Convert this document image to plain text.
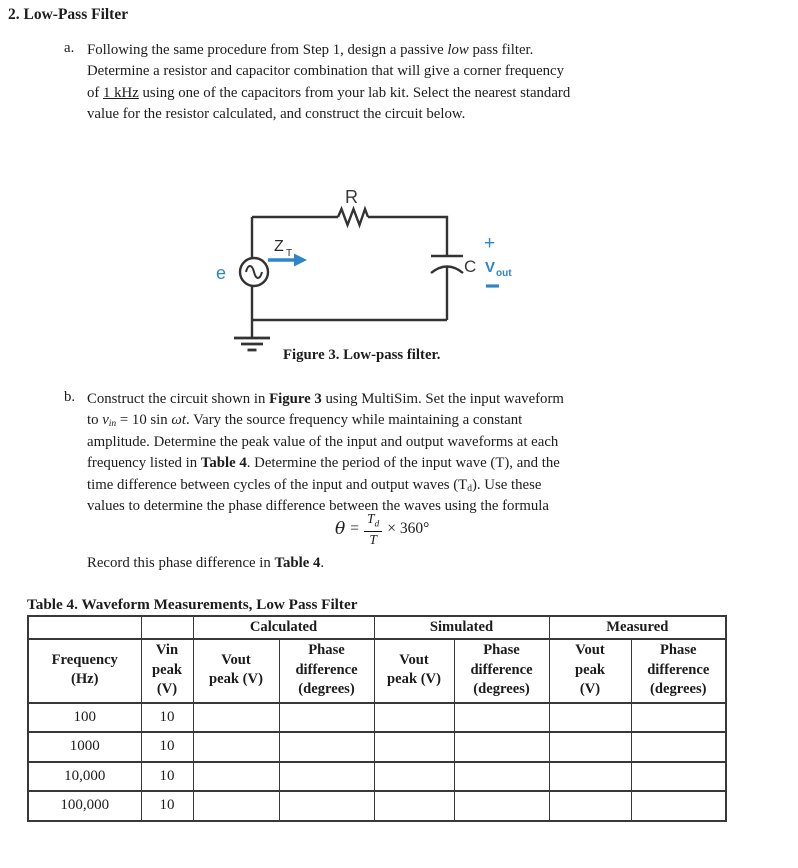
2. Low-Pass Filter
a. Following the same procedure from Step 1, design a passive low pass filter.
Determine a resistor and capacitor combination that will give a corner frequency
of 1 kHz using one of the capacitors from your lab kit. Select the nearest standard
value for the resistor calculated, and construct the circuit below.
R
Z T
e	C
+
V out
Figure 3. Low-pass filter.
b. Construct the circuit shown in Figure 3 using MultiSim. Set the input waveform
to vin = 10 sin ωt. Vary the source frequency while maintaining a constant
amplitude. Determine the peak value of the input and output waveforms at each
frequency listed in Table 4. Determine the period of the input wave (T), and the
time difference between cycles of the input and output waves (Td). Use these
values to determine the phase difference between the waves using the formula
$\theta = \frac{T_d}{T} \times 360^\circ$
Record this phase difference in Table 4.
Table 4. Waveform Measurements, Low Pass Filter
		Calculated		Simulated		Measured	

Frequency
(Hz)

Vin
peak
(V)

Vout
peak (V)

Phase
difference
(degrees)

Vout
peak (V)

Phase
difference
(degrees)

Vout
peak
(V)

Phase
difference
(degrees)

100	10						
1000	10						
10,000	10						
100,000	10						
